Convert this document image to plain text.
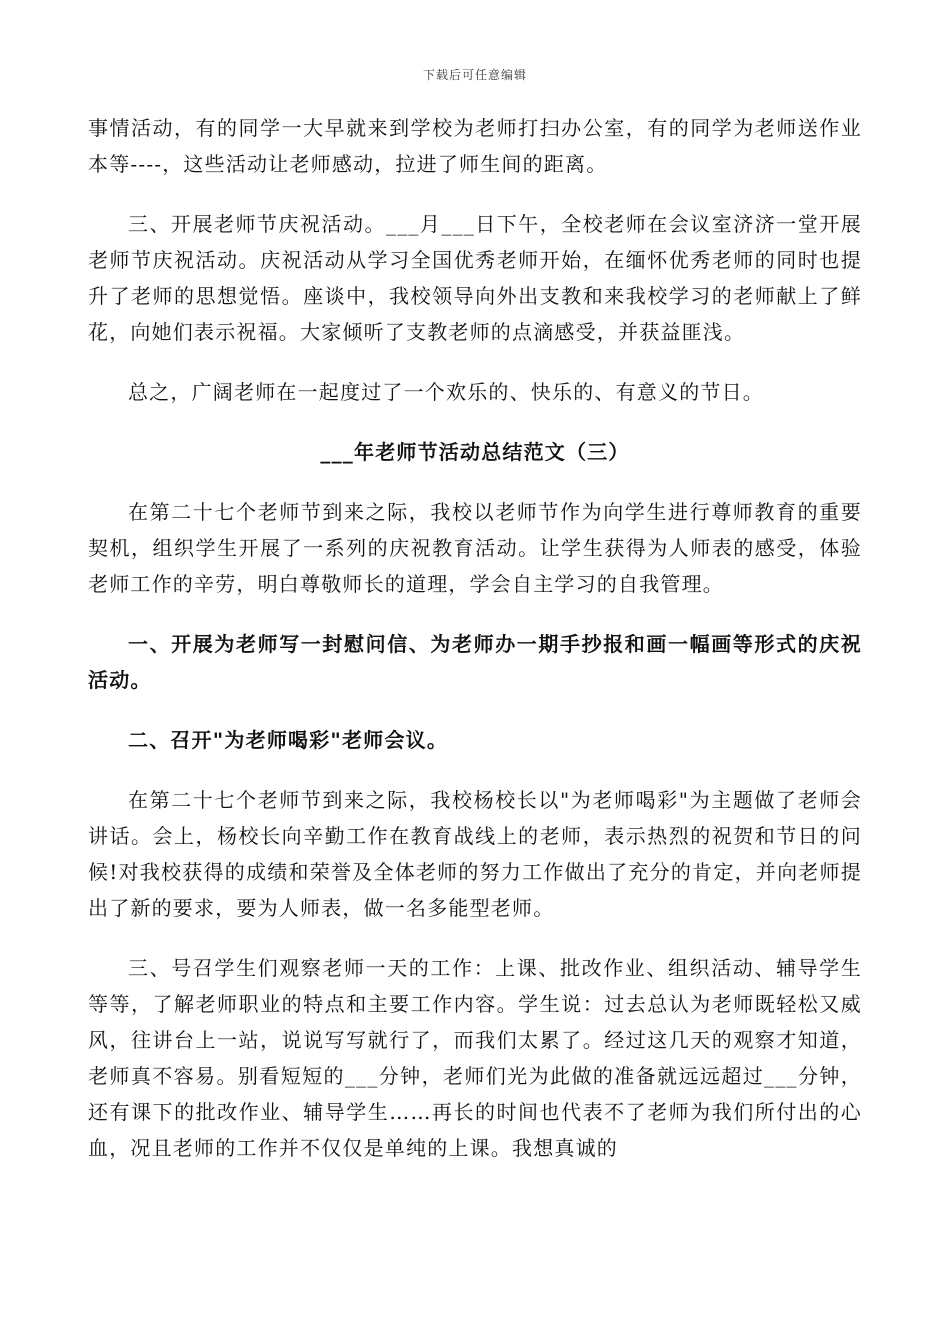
下载后可任意编辑

事情活动，有的同学一大早就来到学校为老师打扫办公室，有的同学为老师送作业本等----，这些活动让老师感动，拉进了师生间的距离。

三、开展老师节庆祝活动。___月___日下午，全校老师在会议室济济一堂开展老师节庆祝活动。庆祝活动从学习全国优秀老师开始，在缅怀优秀老师的同时也提升了老师的思想觉悟。座谈中，我校领导向外出支教和来我校学习的老师献上了鲜花，向她们表示祝福。大家倾听了支教老师的点滴感受，并获益匪浅。

总之，广阔老师在一起度过了一个欢乐的、快乐的、有意义的节日。

___年老师节活动总结范文（三）

在第二十七个老师节到来之际，我校以老师节作为向学生进行尊师教育的重要契机，组织学生开展了一系列的庆祝教育活动。让学生获得为人师表的感受，体验老师工作的辛劳，明白尊敬师长的道理，学会自主学习的自我管理。

一、开展为老师写一封慰问信、为老师办一期手抄报和画一幅画等形式的庆祝活动。

二、召开"为老师喝彩"老师会议。

在第二十七个老师节到来之际，我校杨校长以"为老师喝彩"为主题做了老师会讲话。会上，杨校长向辛勤工作在教育战线上的老师，表示热烈的祝贺和节日的问候!对我校获得的成绩和荣誉及全体老师的努力工作做出了充分的肯定，并向老师提出了新的要求，要为人师表，做一名多能型老师。

三、号召学生们观察老师一天的工作：上课、批改作业、组织活动、辅导学生等等，了解老师职业的特点和主要工作内容。学生说：过去总认为老师既轻松又威风，往讲台上一站，说说写写就行了，而我们太累了。经过这几天的观察才知道，老师真不容易。别看短短的___分钟，老师们光为此做的准备就远远超过___分钟，还有课下的批改作业、辅导学生……再长的时间也代表不了老师为我们所付出的心血，况且老师的工作并不仅仅是单纯的上课。我想真诚的
